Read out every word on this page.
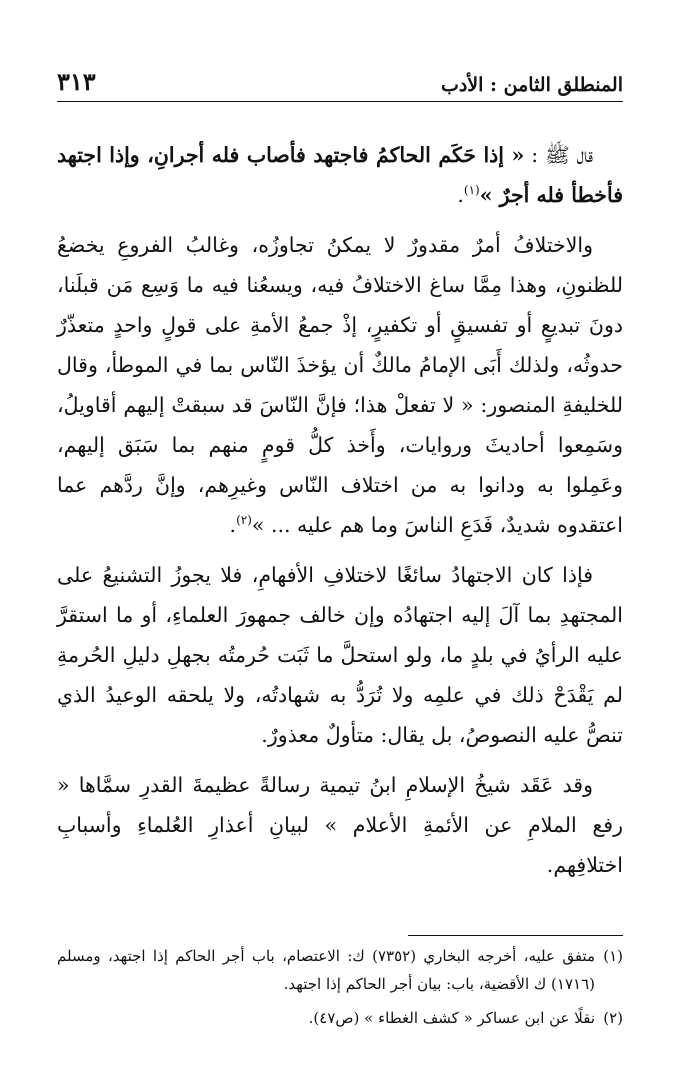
المنطلق الثامن : الأدب
٣١٣

قال ﷺ : « إذا حَكَم الحاكمُ فاجتهد فأصاب فله أجرانِ، وإذا اجتهد فأخطأ فله أجرٌ »$^{(١)}$.

والاختلافُ أمرٌ مقدورٌ لا يمكنُ تجاوزُه، وغالبُ الفروعِ يخضعُ للظنونِ، وهذا مِمَّا ساغ الاختلافُ فيه، ويسعُنا فيه ما وَسِع مَن قبلَنا، دونَ تبديعٍ أو تفسيقٍ أو تكفيرٍ، إذْ جمعُ الأمةِ على قولٍ واحدٍ متعذّرٌ حدوثُه، ولذلك أَبَى الإمامُ مالكٌ أن يؤخذَ النّاس بما في الموطأ، وقال للخليفةِ المنصور: « لا تفعلْ هذا؛ فإنَّ النّاسَ قد سبقتْ إليهم أقاويلُ، وسَمِعوا أحاديثَ وروايات، وأَخذ كلُّ قومٍ منهم بما سَبَق إليهم، وعَمِلوا به ودانوا به من اختلاف النّاس وغيرِهم، وإنَّ ردَّهم عما اعتقدوه شديدٌ، فَدَعِ الناسَ وما هم عليه ... »$^{(٢)}$.

فإذا كان الاجتهادُ سائغًا لاختلافِ الأفهامِ، فلا يجوزُ التشنيعُ على المجتهدِ بما آلَ إليه اجتهادُه وإن خالف جمهورَ العلماءِ، أو ما استقرَّ عليه الرأيُ في بلدٍ ما، ولو استحلَّ ما ثَبَت حُرمتُه بجهلِ دليلِ الحُرمةِ لم يَقْدَحْ ذلك في علمِه ولا تُرَدُّ به شهادتُه، ولا يلحقه الوعيدُ الذي تنصُّ عليه النصوصُ، بل يقال: متأولٌ معذورٌ.

وقد عَقَد شيخُ الإسلامِ ابنُ تيمية رسالةً عظيمةَ القدرِ سمَّاها « رفع الملامِ عن الأئمةِ الأعلام » لبيانِ أعذارِ العُلماءِ وأسبابِ اختلافِهم.

(١)
متفق عليه، أخرجه البخاري (٧٣٥٢) ك: الاعتصام، باب أجر الحاكم إذا اجتهد، ومسلم (١٧١٦) ك الأقضية، باب: بيان أجر الحاكم إذا اجتهد.
(٢)
نقلًا عن ابن عساكر « كشف الغطاء » (ص٤٧).
